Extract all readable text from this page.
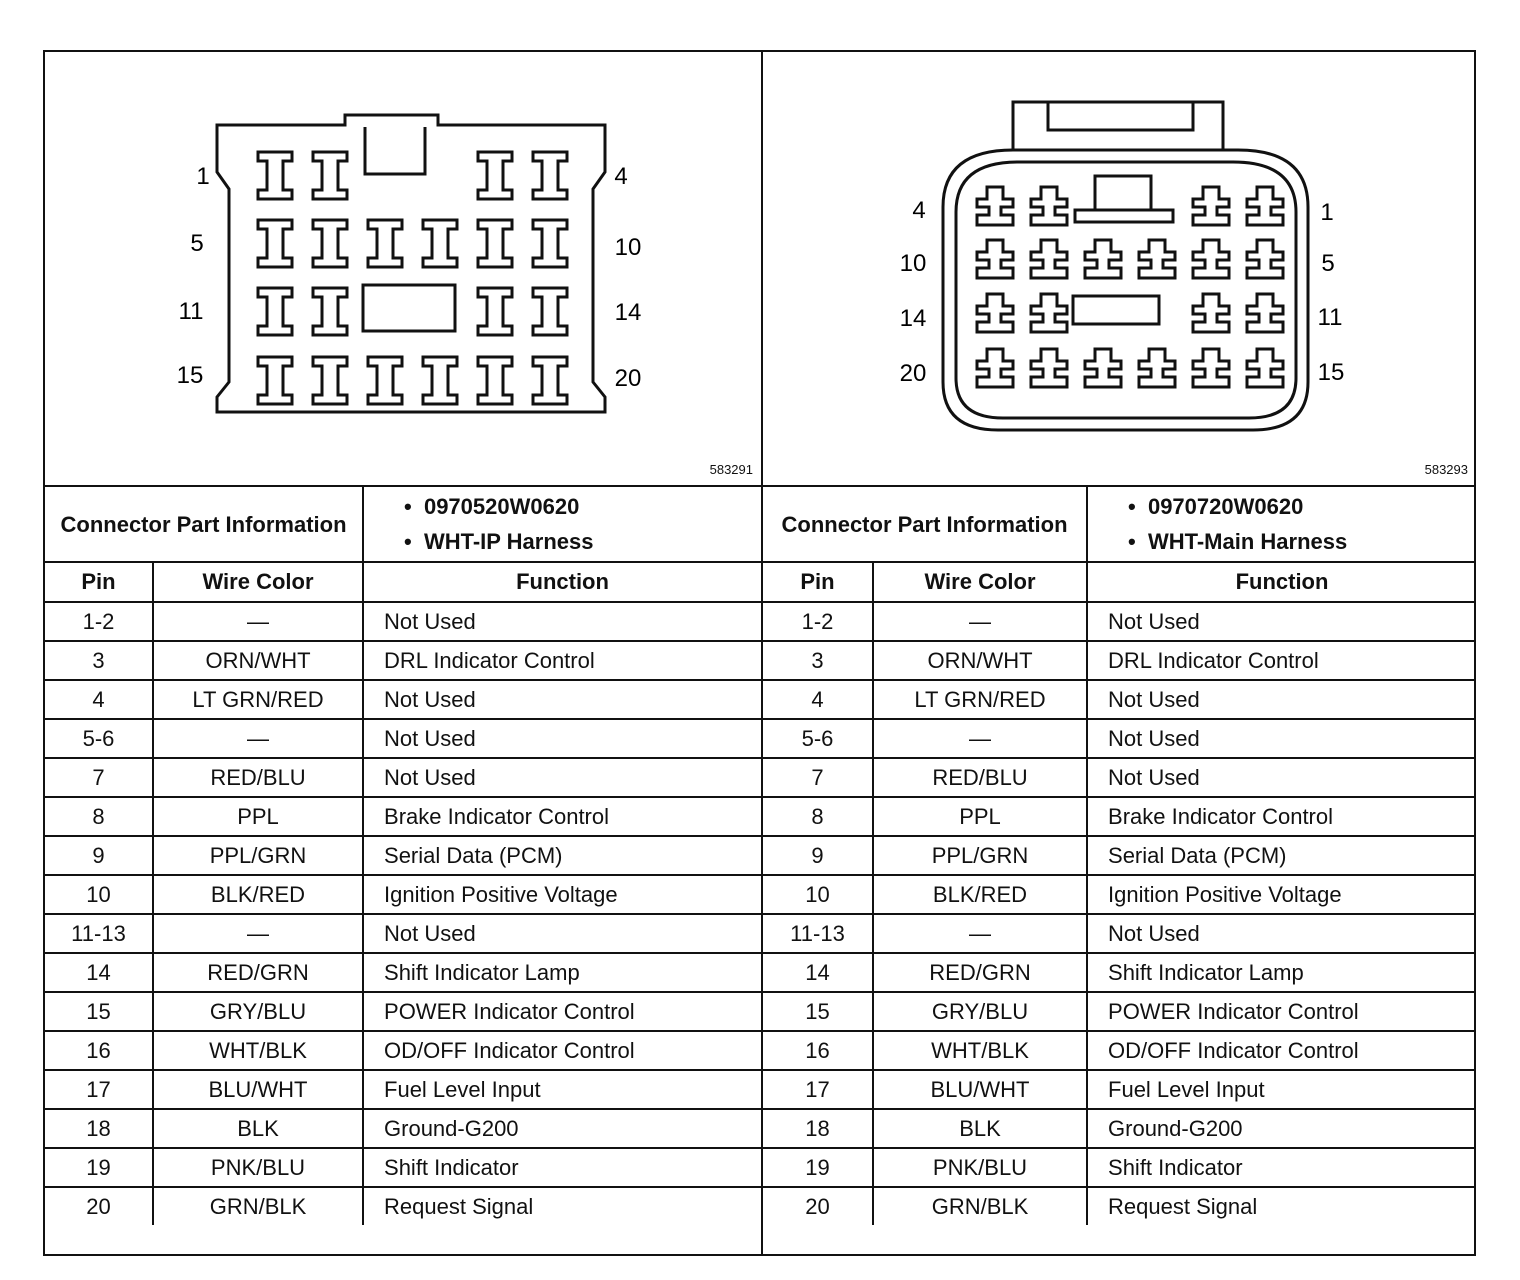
1	4
5	10
11	14
15	20
583291
Connector Part Information		•  0970520W0620
•  WHT-IP Harness

Pin	Wire Color	Function
1-2	—	Not Used
3	ORN/WHT	DRL Indicator Control
4	LT GRN/RED	Not Used
5-6	—	Not Used
7	RED/BLU	Not Used
8	PPL	Brake Indicator Control
9	PPL/GRN	Serial Data (PCM)
10	BLK/RED	Ignition Positive Voltage
11-13	—	Not Used
14	RED/GRN	Shift Indicator Lamp
15	GRY/BLU	POWER Indicator Control
16	WHT/BLK	OD/OFF Indicator Control
17	BLU/WHT	Fuel Level Input
18	BLK	Ground-G200
19	PNK/BLU	Shift Indicator
20	GRN/BLK	Request Signal
4	1
10	5
14	11
20	15
583293
Connector Part Information		•  0970720W0620
•  WHT-Main Harness

Pin	Wire Color	Function
1-2	—	Not Used
3	ORN/WHT	DRL Indicator Control
4	LT GRN/RED	Not Used
5-6	—	Not Used
7	RED/BLU	Not Used
8	PPL	Brake Indicator Control
9	PPL/GRN	Serial Data (PCM)
10	BLK/RED	Ignition Positive Voltage
11-13	—	Not Used
14	RED/GRN	Shift Indicator Lamp
15	GRY/BLU	POWER Indicator Control
16	WHT/BLK	OD/OFF Indicator Control
17	BLU/WHT	Fuel Level Input
18	BLK	Ground-G200
19	PNK/BLU	Shift Indicator
20	GRN/BLK	Request Signal
